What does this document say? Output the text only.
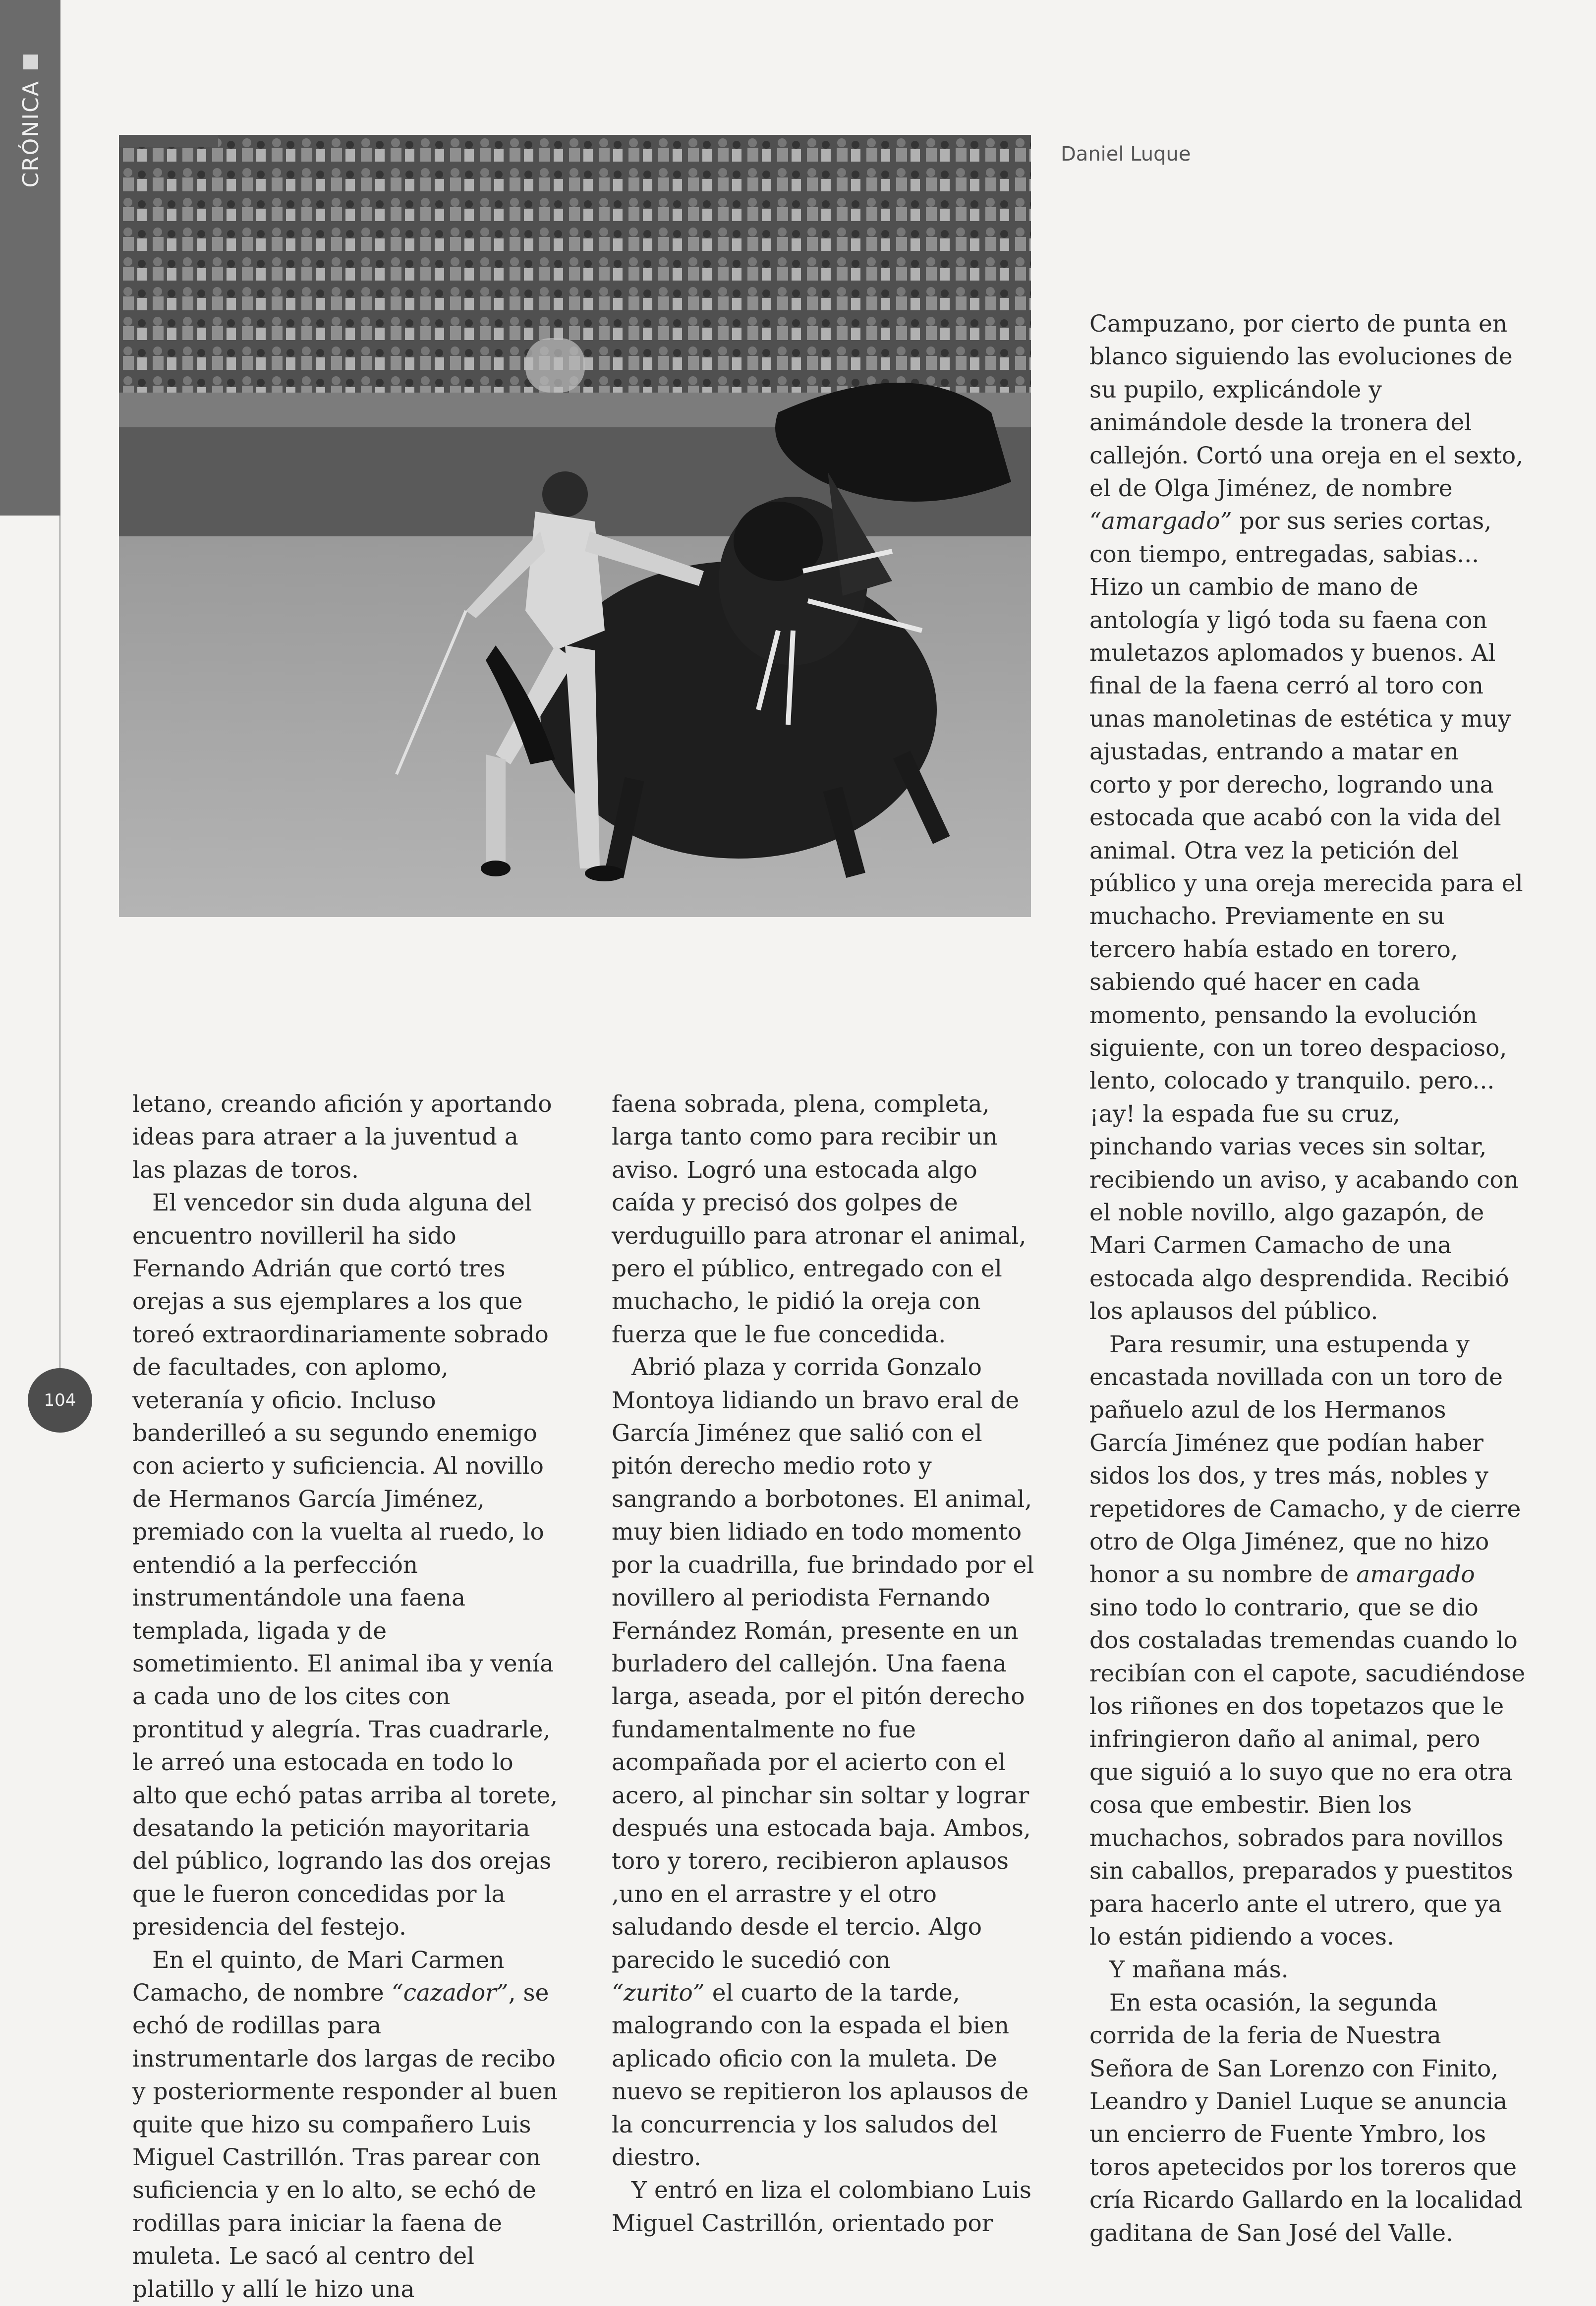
CRÓNICA
104
Daniel Luque

letano, creando afición y aportando ideas para atraer a la juventud a las plazas de toros.

El vencedor sin duda alguna del encuentro novilleril ha sido Fernando Adrián que cortó tres orejas a sus ejemplares a los que toreó extraordinariamente sobrado de facultades, con aplomo, veteranía y oficio. Incluso banderilleó a su segundo enemigo con acierto y suficiencia. Al novillo de Hermanos García Jiménez, premiado con la vuelta al ruedo, lo entendió a la perfección instrumentándole una faena templada, ligada y de sometimiento. El animal iba y venía a cada uno de los cites con prontitud y alegría. Tras cuadrarle, le arreó una estocada en todo lo alto que echó patas arriba al torete, desatando la petición mayoritaria del público, logrando las dos orejas que le fueron concedidas por la presidencia del festejo.

En el quinto, de Mari Carmen Camacho, de nombre “cazador”, se echó de rodillas para instrumentarle dos largas de recibo y posteriormente responder al buen quite que hizo su compañero Luis Miguel Castrillón. Tras parear con suficiencia y en lo alto, se echó de rodillas para iniciar la faena de muleta. Le sacó al centro del platillo y allí le hizo una

faena sobrada, plena, completa, larga tanto como para recibir un aviso. Logró una estocada algo caída y precisó dos golpes de verduguillo para atronar el animal, pero el público, entregado con el muchacho, le pidió la oreja con fuerza que le fue concedida.

Abrió plaza y corrida Gonzalo Montoya lidiando un bravo eral de García Jiménez que salió con el pitón derecho medio roto y sangrando a borbotones. El animal, muy bien lidiado en todo momento por la cuadrilla, fue brindado por el novillero al periodista Fernando Fernández Román, presente en un burladero del callejón. Una faena larga, aseada, por el pitón derecho fundamentalmente no fue acompañada por el acierto con el acero, al pinchar sin soltar y lograr después una estocada baja. Ambos, toro y torero, recibieron aplausos ,uno en el arrastre y el otro saludando desde el tercio. Algo parecido le sucedió con

“zurito” el cuarto de la tarde, malogrando con la espada el bien aplicado oficio con la muleta. De nuevo se repitieron los aplausos de la concurrencia y los saludos del diestro.

Y entró en liza el colombiano Luis Miguel Castrillón, orientado por

Campuzano, por cierto de punta en blanco siguiendo las evoluciones de su pupilo, explicándole y animándole desde la tronera del callejón. Cortó una oreja en el sexto, el de Olga Jiménez, de nombre “amargado” por sus series cortas, con tiempo, entregadas, sabias... Hizo un cambio de mano de antología y ligó toda su faena con muletazos aplomados y buenos. Al final de la faena cerró al toro con unas manoletinas de estética y muy ajustadas, entrando a matar en corto y por derecho, logrando una estocada que acabó con la vida del animal. Otra vez la petición del público y una oreja merecida para el muchacho. Previamente en su tercero había estado en torero, sabiendo qué hacer en cada momento, pensando la evolución siguiente, con un toreo despacioso, lento, colocado y tranquilo. pero... ¡ay! la espada fue su cruz, pinchando varias veces sin soltar, recibiendo un aviso, y acabando con el noble novillo, algo gazapón, de Mari Carmen Camacho de una estocada algo desprendida. Recibió los aplausos del público.

Para resumir, una estupenda y encastada novillada con un toro de pañuelo azul de los Hermanos García Jiménez que podían haber sidos los dos, y tres más, nobles y repetidores de Camacho, y de cierre otro de Olga Jiménez, que no hizo honor a su nombre de amargado sino todo lo contrario, que se dio dos costaladas tremendas cuando lo recibían con el capote, sacudiéndose los riñones en dos topetazos que le infringieron daño al animal, pero que siguió a lo suyo que no era otra cosa que embestir. Bien los muchachos, sobrados para novillos sin caballos, preparados y puestitos para hacerlo ante el utrero, que ya lo están pidiendo a voces.

Y mañana más.

En esta ocasión, la segunda corrida de la feria de Nuestra Señora de San Lorenzo con Finito, Leandro y Daniel Luque se anuncia un encierro de Fuente Ymbro, los toros apetecidos por los toreros que cría Ricardo Gallardo en la localidad gaditana de San José del Valle.
